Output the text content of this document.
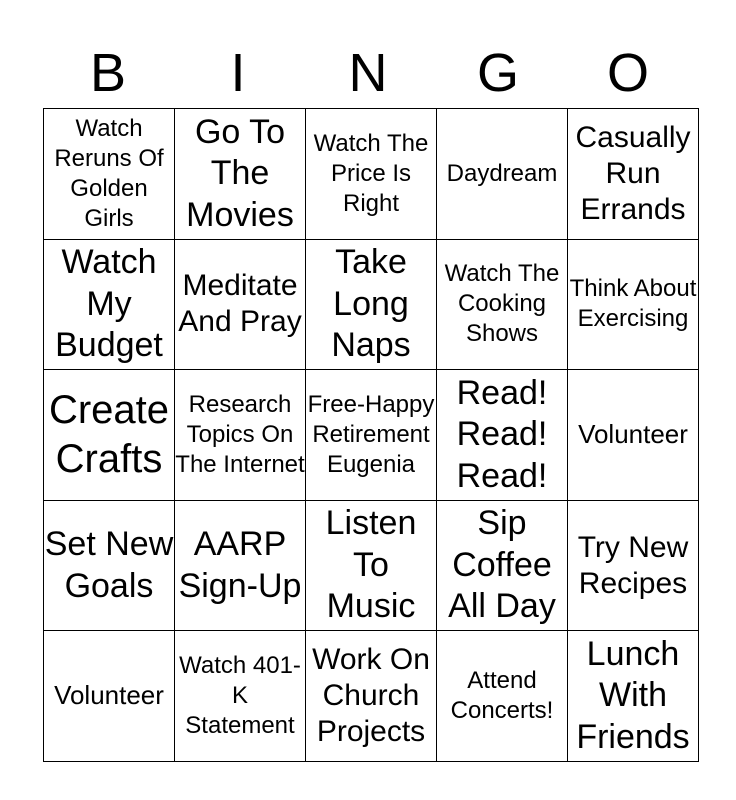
B	I	N	G	O
Watch Reruns Of Golden Girls	Go To The Movies	Watch The Price Is Right	Daydream	Casually Run Errands
Watch My Budget	Meditate And Pray	Take Long Naps	Watch The Cooking Shows	Think About Exercising
Create Crafts	Research Topics On The Internet	Free-Happy Retirement Eugenia	Read! Read! Read!	Volunteer
Set New Goals	AARP Sign-Up	Listen To Music	Sip Coffee All Day	Try New Recipes
Volunteer	Watch 401-K Statement	Work On Church Projects	Attend Concerts!	Lunch With Friends
